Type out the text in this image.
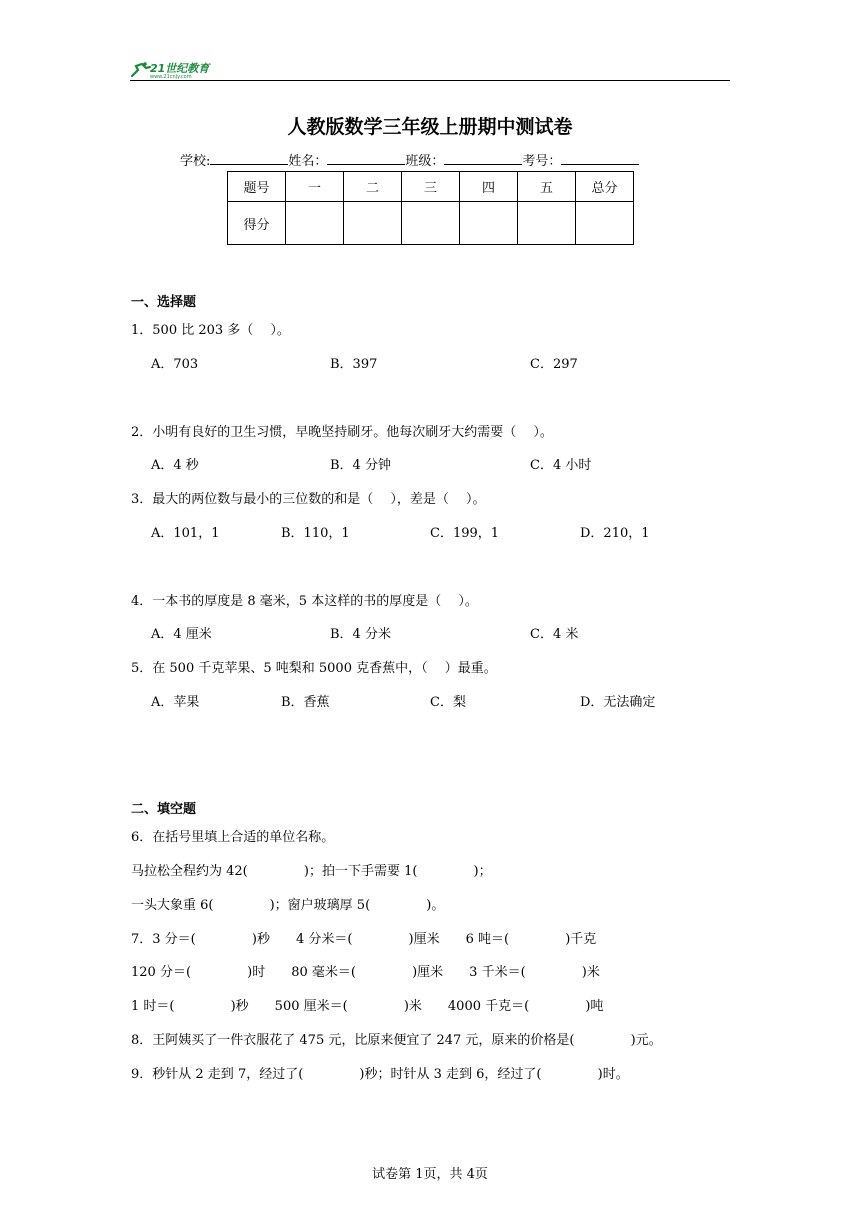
21世纪教育
www.21cnjy.com
人教版数学三年级上册期中测试卷
学校:	姓名：	班级：	考号：
题号	一	二	三	四	五	总分
得分						
一、选择题
1．500 比 203 多（　 ）。
A．703	B．397	C．297
2．小明有良好的卫生习惯，早晚坚持刷牙。他每次刷牙大约需要（　 ）。
A．4 秒	B．4 分钟	C．4 小时
3．最大的两位数与最小的三位数的和是（　 ），差是（　 ）。
A．101，1	B．110，1	C．199，1	D．210，1
4．一本书的厚度是 8 毫米，5 本这样的书的厚度是（　 ）。
A．4 厘米	B．4 分米	C．4 米
5．在 500 千克苹果、5 吨梨和 5000 克香蕉中，（　 ）最重。
A．苹果	B．香蕉	C．梨	D．无法确定
二、填空题
6．在括号里填上合适的单位名称。
马拉松全程约为 42(　　　　 )；拍一下手需要 1(　　　　 )；
一头大象重 6(　　　　 )；窗户玻璃厚 5(　　　　 )。
7．3 分＝(　　　　 )秒　　4 分米＝(　　　　 )厘米　　6 吨＝(　　　　 )千克
120 分＝(　　　　 )时　　80 毫米＝(　　　　 )厘米　　3 千米＝(　　　　 )米
1 时＝(　　　　 )秒　　500 厘米＝(　　　　 )米　　4000 千克＝(　　　　 )吨
8．王阿姨买了一件衣服花了 475 元，比原来便宜了 247 元，原来的价格是(　　　　 )元。
9．秒针从 2 走到 7，经过了(　　　　 )秒；时针从 3 走到 6，经过了(　　　　 )时。
试卷第 1页，共 4页
